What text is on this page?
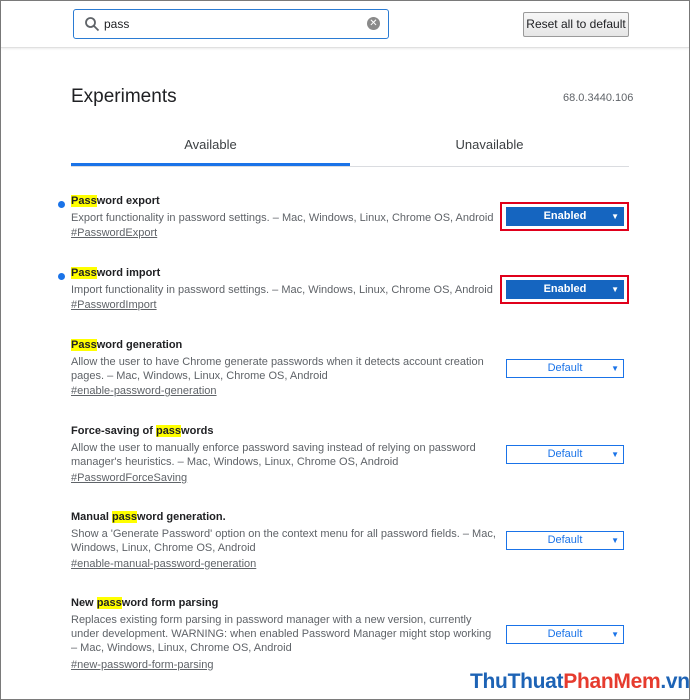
pass
✕	Reset all to default
Experiments	68.0.3440.106
Available	Unavailable
Password export
Export functionality in password settings. – Mac, Windows, Linux, Chrome OS, Android
#PasswordExport
Enabled	▼
Password import
Import functionality in password settings. – Mac, Windows, Linux, Chrome OS, Android
#PasswordImport
Enabled	▼
Password generation
Allow the user to have Chrome generate passwords when it detects account creation pages. – Mac, Windows, Linux, Chrome OS, Android
#enable-password-generation
Default	▼
Force-saving of passwords
Allow the user to manually enforce password saving instead of relying on password manager's heuristics. – Mac, Windows, Linux, Chrome OS, Android
#PasswordForceSaving
Default	▼
Manual password generation.
Show a 'Generate Password' option on the context menu for all password fields. – Mac, Windows, Linux, Chrome OS, Android
#enable-manual-password-generation
Default	▼
New password form parsing
Replaces existing form parsing in password manager with a new version, currently under development. WARNING: when enabled Password Manager might stop working – Mac, Windows, Linux, Chrome OS, Android
#new-password-form-parsing
Default	▼
ThuThuatPhanMem.vn
